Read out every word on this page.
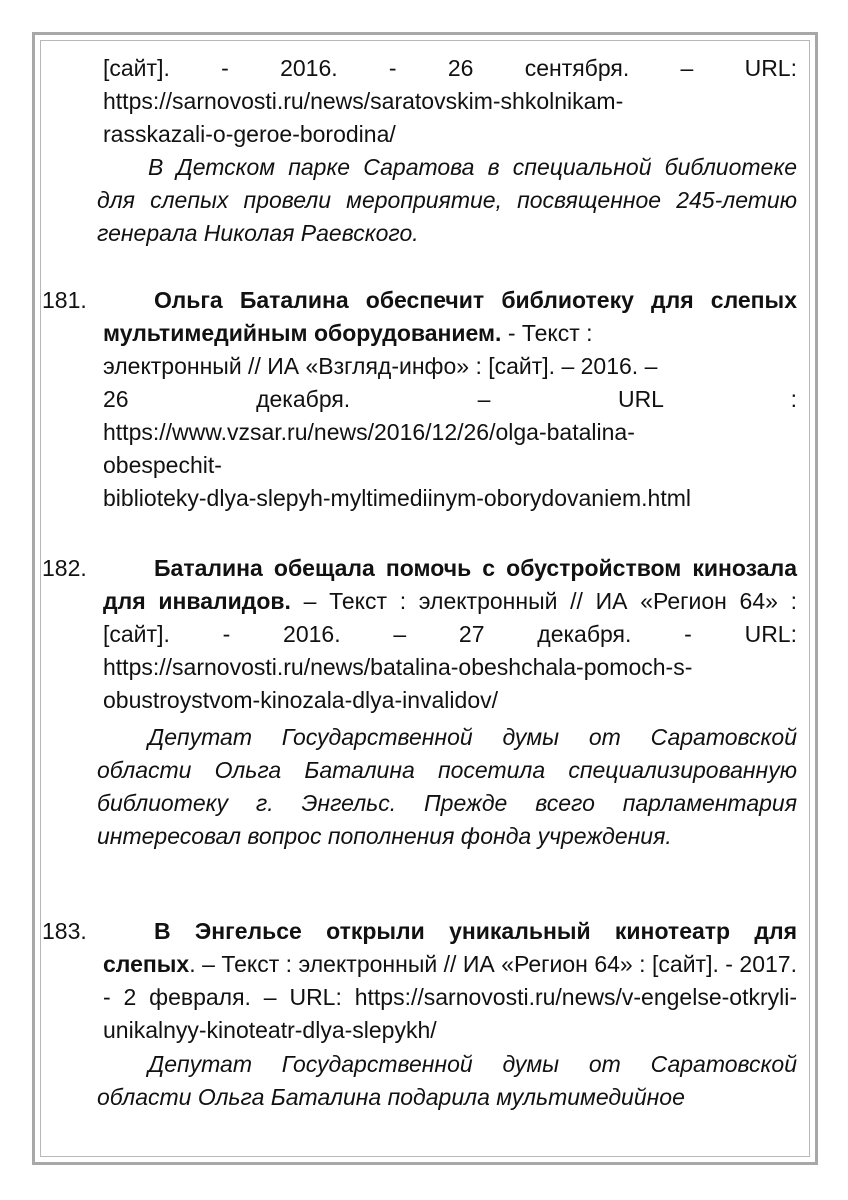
[сайт]. - 2016. - 26 сентября. – URL:
https://sarnovosti.ru/news/saratovskim-shkolnikam-
rasskazali-o-geroe-borodina/

В Детском парке Саратова в специальной библиотеке для слепых провели мероприятие, посвященное 245-летию генерала Николая Раевского.

181.	Ольга Баталина обеспечит библиотеку для слепых мультимедийным оборудованием. - Текст :

электронный // ИА «Взгляд-инфо» : [сайт]. – 2016. –
26 декабря. – URL :
https://www.vzsar.ru/news/2016/12/26/olga-batalina-
obespechit-
biblioteky-dlya-slepyh-myltimediinym-oborydovaniem.html
182.	Баталина обещала помочь с обустройством кинозала для инвалидов. – Текст : электронный // ИА «Регион 64» : [сайт]. - 2016. – 27 декабря. - URL: https://sarnovosti.ru/news/batalina-obeshchala-pomoch-s-obustroystvom-kinozala-dlya-invalidov/

Депутат Государственной думы от Саратовской области Ольга Баталина посетила специализированную библиотеку г. Энгельс. Прежде всего парламентария интересовал вопрос пополнения фонда учреждения.

183.	В Энгельсе открыли уникальный кинотеатр для слепых. – Текст : электронный // ИА «Регион 64» : [сайт]. - 2017. - 2 февраля. – URL: https://sarnovosti.ru/news/v-engelse-otkryli-unikalnyy-kinoteatr-dlya-slepykh/

Депутат Государственной думы от Саратовской области Ольга Баталина подарила мультимедийное
